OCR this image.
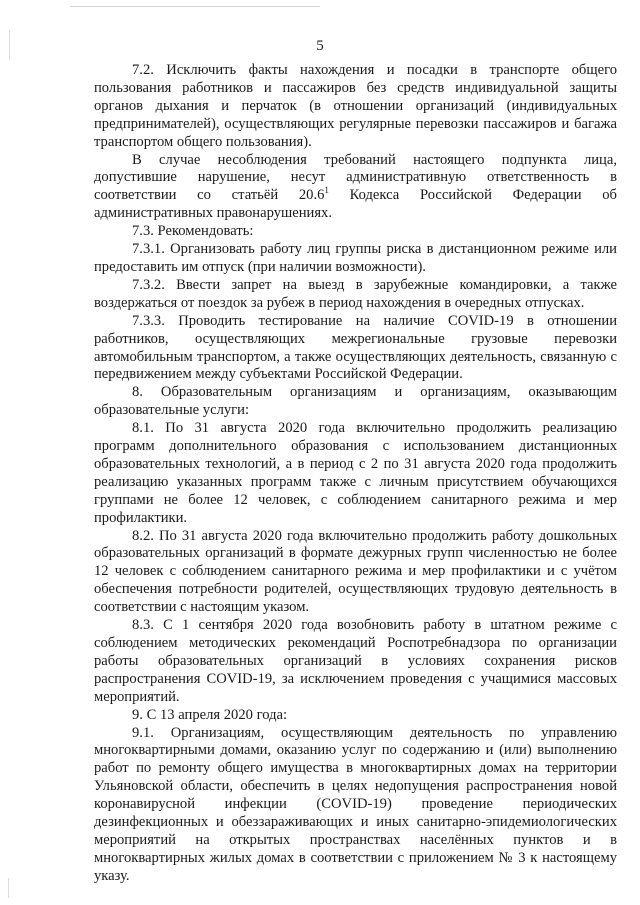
5

7.2. Исключить факты нахождения и посадки в транспорте общего пользования работников и пассажиров без средств индивидуальной защиты органов дыхания и перчаток (в отношении организаций (индивидуальных предпринимателей), осуществляющих регулярные перевозки пассажиров и багажа транспортом общего пользования).

В случае несоблюдения требований настоящего подпункта лица, допустившие нарушение, несут административную ответственность в соответствии со статьёй 20.6$^1$ Кодекса Российской Федерации об административных правонарушениях.

7.3. Рекомендовать:

7.3.1. Организовать работу лиц группы риска в дистанционном режиме или предоставить им отпуск (при наличии возможности).

7.3.2. Ввести запрет на выезд в зарубежные командировки, а также воздержаться от поездок за рубеж в период нахождения в очередных отпусках.

7.3.3. Проводить тестирование на наличие COVID-19 в отношении работников, осуществляющих межрегиональные грузовые перевозки автомобильным транспортом, а также осуществляющих деятельность, связанную с передвижением между субъектами Российской Федерации.

8. Образовательным организациям и организациям, оказывающим образовательные услуги:

8.1. По 31 августа 2020 года включительно продолжить реализацию программ дополнительного образования с использованием дистанционных образовательных технологий, а в период с 2 по 31 августа 2020 года продолжить реализацию указанных программ также с личным присутствием обучающихся группами не более 12 человек, с соблюдением санитарного режима и мер профилактики.

8.2. По 31 августа 2020 года включительно продолжить работу дошкольных образовательных организаций в формате дежурных групп численностью не более 12 человек с соблюдением санитарного режима и мер профилактики и с учётом обеспечения потребности родителей, осуществляющих трудовую деятельность в соответствии с настоящим указом.

8.3. С 1 сентября 2020 года возобновить работу в штатном режиме с соблюдением методических рекомендаций Роспотребнадзора по организации работы образовательных организаций в условиях сохранения рисков распространения COVID-19, за исключением проведения с учащимися массовых мероприятий.

9. С 13 апреля 2020 года:

9.1. Организациям, осуществляющим деятельность по управлению многоквартирными домами, оказанию услуг по содержанию и (или) выполнению работ по ремонту общего имущества в многоквартирных домах на территории Ульяновской области, обеспечить в целях недопущения распространения новой коронавирусной инфекции (COVID-19) проведение периодических дезинфекционных и обеззараживающих и иных санитарно-эпидемиологических мероприятий на открытых пространствах населённых пунктов и в многоквартирных жилых домах в соответствии с приложением № 3 к настоящему указу.
